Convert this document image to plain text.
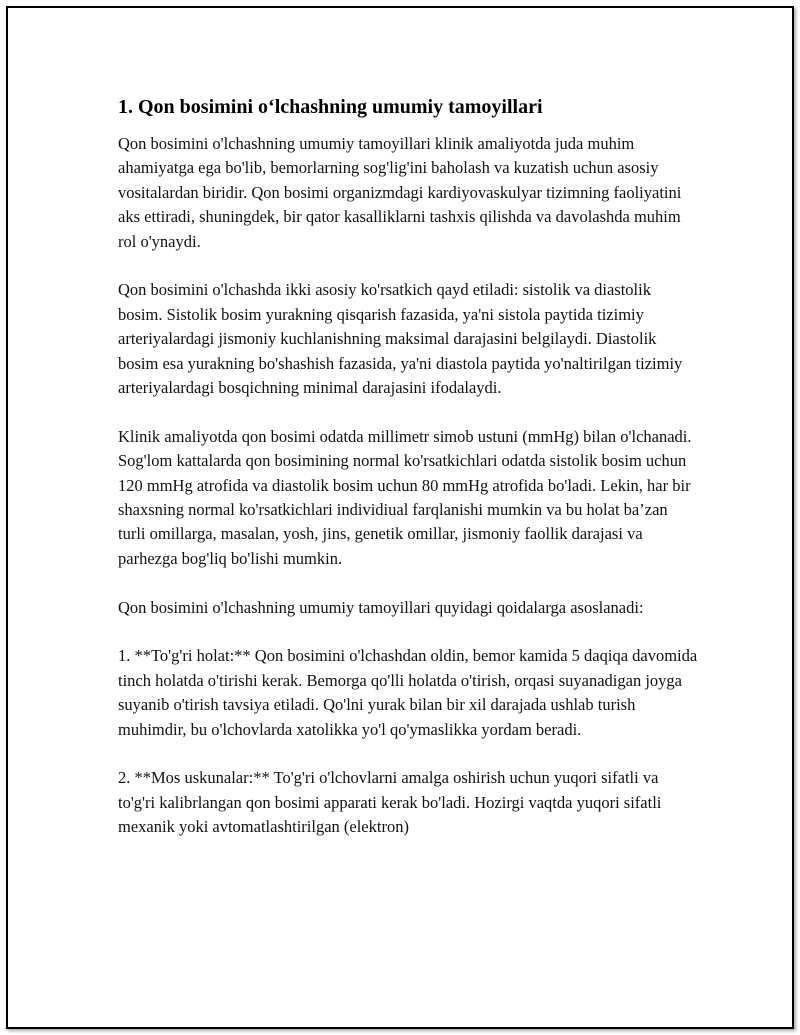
1. Qon bosimini o‘lchashning umumiy tamoyillari

Qon bosimini o'lchashning umumiy tamoyillari klinik amaliyotda juda muhim ahamiyatga ega bo'lib, bemorlarning sog'lig'ini baholash va kuzatish uchun asosiy vositalardan biridir. Qon bosimi organizmdagi kardiyovaskulyar tizimning faoliyatini aks ettiradi, shuningdek, bir qator kasalliklarni tashxis qilishda va davolashda muhim rol o'ynaydi.

Qon bosimini o'lchashda ikki asosiy ko'rsatkich qayd etiladi: sistolik va diastolik bosim. Sistolik bosim yurakning qisqarish fazasida, ya'ni sistola paytida tizimiy arteriyalardagi jismoniy kuchlanishning maksimal darajasini belgilaydi. Diastolik bosim esa yurakning bo'shashish fazasida, ya'ni diastola paytida yo'naltirilgan tizimiy arteriyalardagi bosqichning minimal darajasini ifodalaydi.

Klinik amaliyotda qon bosimi odatda millimetr simob ustuni (mmHg) bilan o'lchanadi. Sog'lom kattalarda qon bosimining normal ko'rsatkichlari odatda sistolik bosim uchun 120 mmHg atrofida va diastolik bosim uchun 80 mmHg atrofida bo'ladi. Lekin, har bir shaxsning normal ko'rsatkichlari individiual farqlanishi mumkin va bu holat ba’zan turli omillarga, masalan, yosh, jins, genetik omillar, jismoniy faollik darajasi va parhezga bog'liq bo'lishi mumkin.

Qon bosimini o'lchashning umumiy tamoyillari quyidagi qoidalarga asoslanadi:

1. **To'g'ri holat:** Qon bosimini o'lchashdan oldin, bemor kamida 5 daqiqa davomida tinch holatda o'tirishi kerak. Bemorga qo'lli holatda o'tirish, orqasi suyanadigan joyga suyanib o'tirish tavsiya etiladi. Qo'lni yurak bilan bir xil darajada ushlab turish muhimdir, bu o'lchovlarda xatolikka yo'l qo'ymaslikka yordam beradi.

2. **Mos uskunalar:** To'g'ri o'lchovlarni amalga oshirish uchun yuqori sifatli va to'g'ri kalibrlangan qon bosimi apparati kerak bo'ladi. Hozirgi vaqtda yuqori sifatli mexanik yoki avtomatlashtirilgan (elektron)
